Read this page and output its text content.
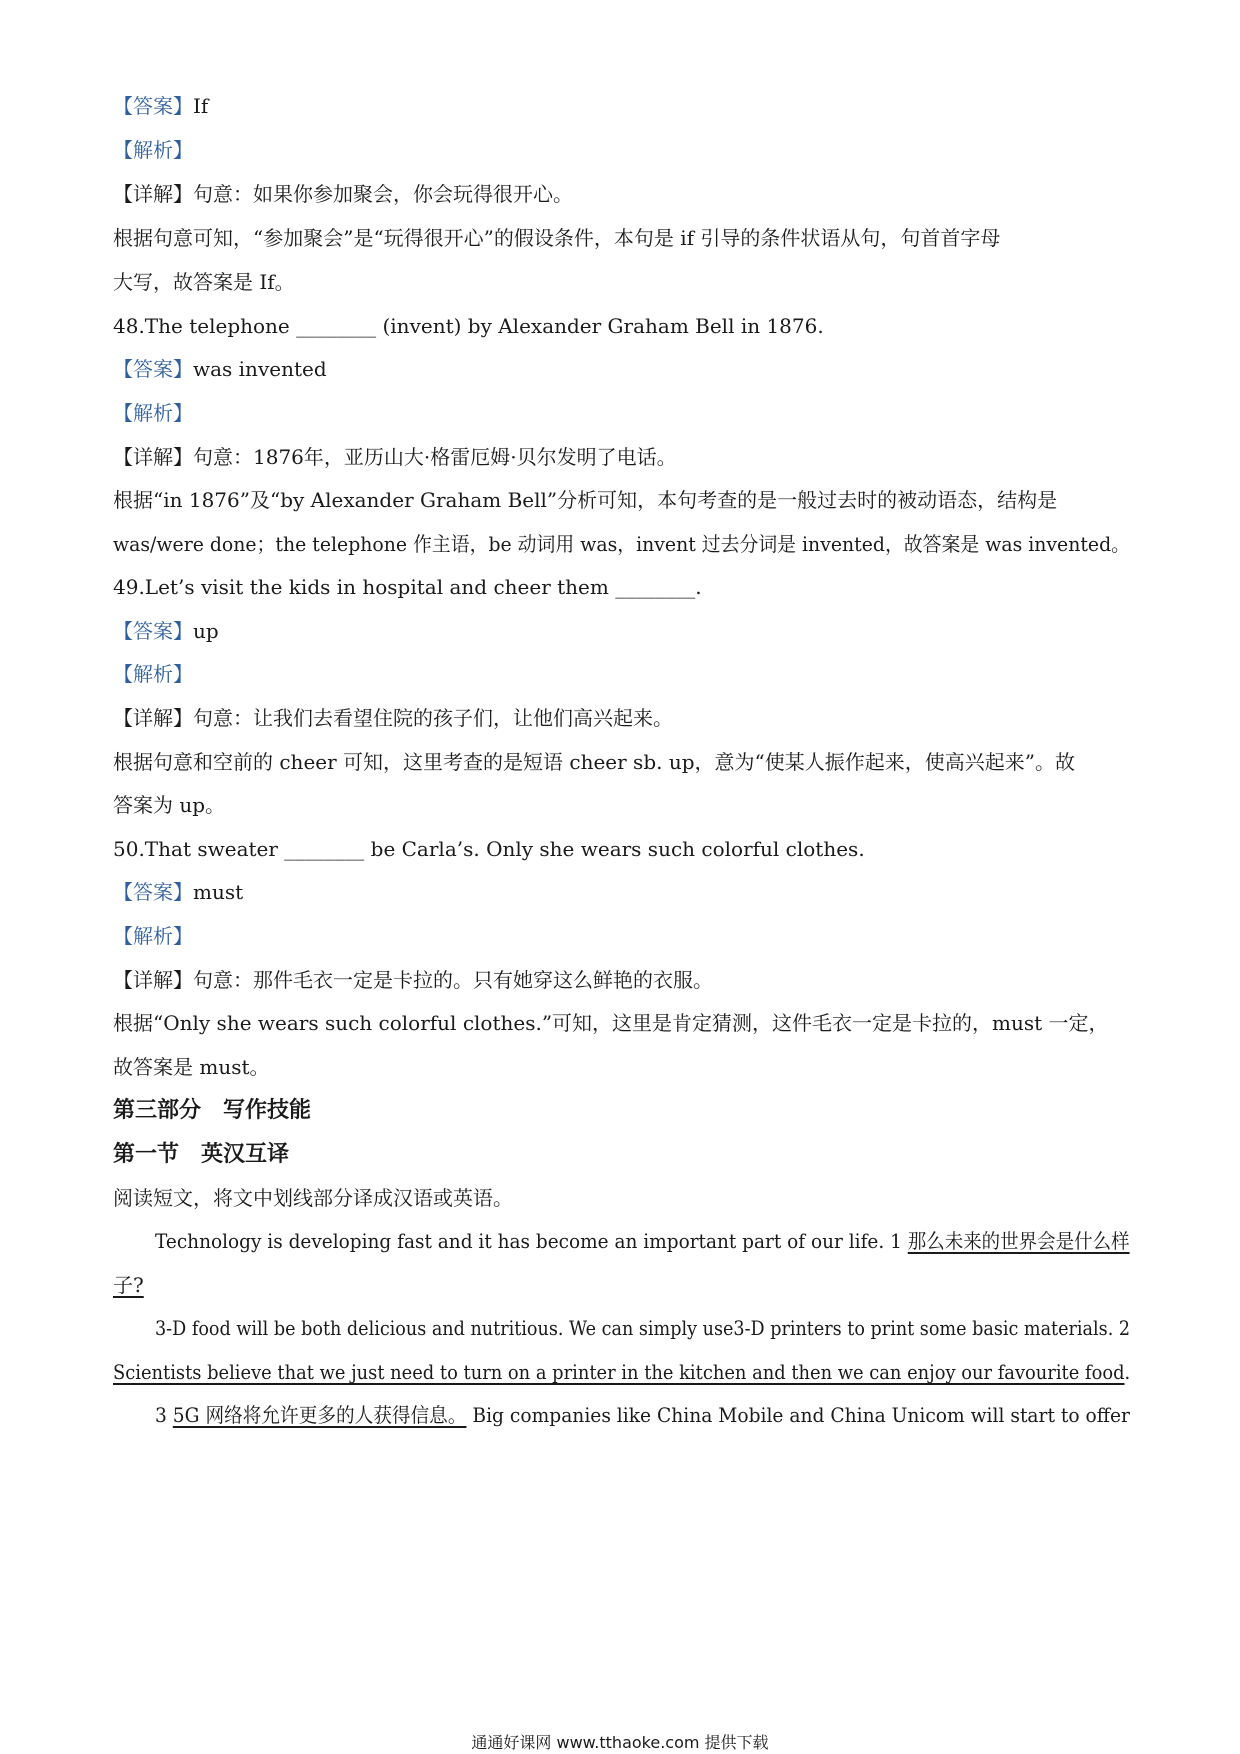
【答案】If
【解析】
【详解】句意：如果你参加聚会，你会玩得很开心。
根据句意可知，“参加聚会”是“玩得很开心”的假设条件，本句是 if 引导的条件状语从句，句首首字母
大写，故答案是 If。
48.The telephone ________ (invent) by Alexander Graham Bell in 1876.
【答案】was invented
【解析】
【详解】句意：1876年，亚历山大·格雷厄姆·贝尔发明了电话。
根据“in 1876”及“by Alexander Graham Bell”分析可知，本句考查的是一般过去时的被动语态，结构是
was/were done；the telephone 作主语，be 动词用 was，invent 过去分词是 invented，故答案是 was invented。
49.Let’s visit the kids in hospital and cheer them ________.
【答案】up
【解析】
【详解】句意：让我们去看望住院的孩子们，让他们高兴起来。
根据句意和空前的 cheer 可知，这里考查的是短语 cheer sb. up，意为“使某人振作起来，使高兴起来”。故
答案为 up。
50.That sweater ________ be Carla’s. Only she wears such colorful clothes.
【答案】must
【解析】
【详解】句意：那件毛衣一定是卡拉的。只有她穿这么鲜艳的衣服。
根据“Only she wears such colorful clothes.”可知，这里是肯定猜测，这件毛衣一定是卡拉的，must 一定，
故答案是 must。
第三部分　写作技能
第一节　英汉互译
阅读短文，将文中划线部分译成汉语或英语。
Technology is developing fast and it has become an important part of our life. 1 那么未来的世界会是什么样
子?
3-D food will be both delicious and nutritious. We can simply use3-D printers to print some basic materials. 2
Scientists believe that we just need to turn on a printer in the kitchen and then we can enjoy our favourite food.
3 5G 网络将允许更多的人获得信息。 Big companies like China Mobile and China Unicom will start to offer
通通好课网 www.tthaoke.com 提供下载
